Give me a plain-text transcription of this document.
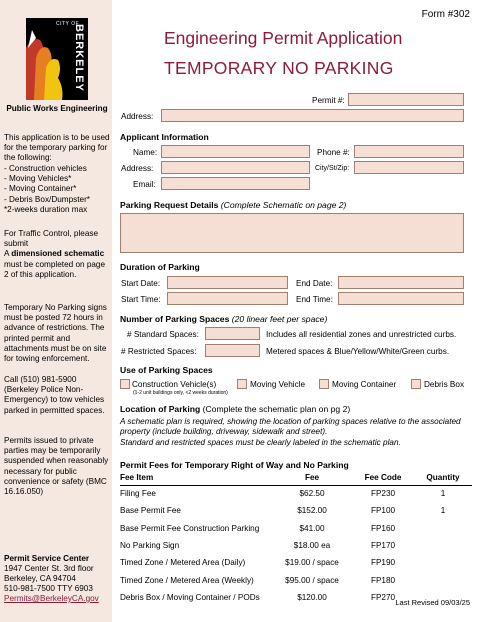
CITY OF
BERKELEY
Public Works Engineering
This application is to be used for the temporary parking for the following:
- Construction vehicles
- Moving Vehicles*
- Moving Container*
- Debris Box/Dumpster*
*2-weeks duration max
For Traffic Control, please submit
A dimensioned schematic must be completed on page 2 of this application.
Temporary No Parking signs must be posted 72 hours in advance of restrictions. The printed permit and attachments must be on site for towing enforcement.
Call (510) 981-5900 (Berkeley Police Non-Emergency) to tow vehicles parked in permitted spaces.
Permits issued to private parties may be temporarily suspended when reasonably necessary for public convenience or safety (BMC 16.16.050)
Permit Service Center
1947 Center St. 3rd floor
Berkeley, CA 94704
510-981-7500 TTY 6903
Permits@BerkeleyCA.gov
Form #302
Engineering Permit Application
TEMPORARY NO PARKING
Permit #:
Address:
Applicant Information
Name:	Phone #:
Address:	City/St/Zip:
Email:
Parking Request Details (Complete Schematic on page 2)
Duration of Parking
Start Date:	End Date:
Start Time:	End Time:
Number of Parking Spaces (20 linear feet per space)
# Standard Spaces:	Includes all residential zones and unrestricted curbs.
# Restricted Spaces:	Metered spaces & Blue/Yellow/White/Green curbs.
Use of Parking Spaces
Construction Vehicle(s)
(1-2 unit buildings only, <2 weeks duration)
Moving Vehicle	Moving Container	Debris Box
Location of Parking (Complete the schematic plan on pg 2)
A schematic plan is required, showing the location of parking spaces relative to the associated property (include building, driveway, sidewalk and street).
Standard and restricted spaces must be clearly labeled in the schematic plan.
Permit Fees for Temporary Right of Way and No Parking
Fee Item	Fee	Fee Code	Quantity
Filing Fee	$62.50	FP230	1
Base Permit Fee	$152.00	FP100	1
Base Permit Fee Construction Parking	$41.00	FP160	
No Parking Sign	$18.00 ea	FP170	
Timed Zone / Metered Area (Daily)	$19.00 / space	FP190	
Timed Zone / Metered Area (Weekly)	$95.00 / space	FP180	
Debris Box / Moving Container / PODs	$120.00	FP270	
Last Revised 09/03/25
